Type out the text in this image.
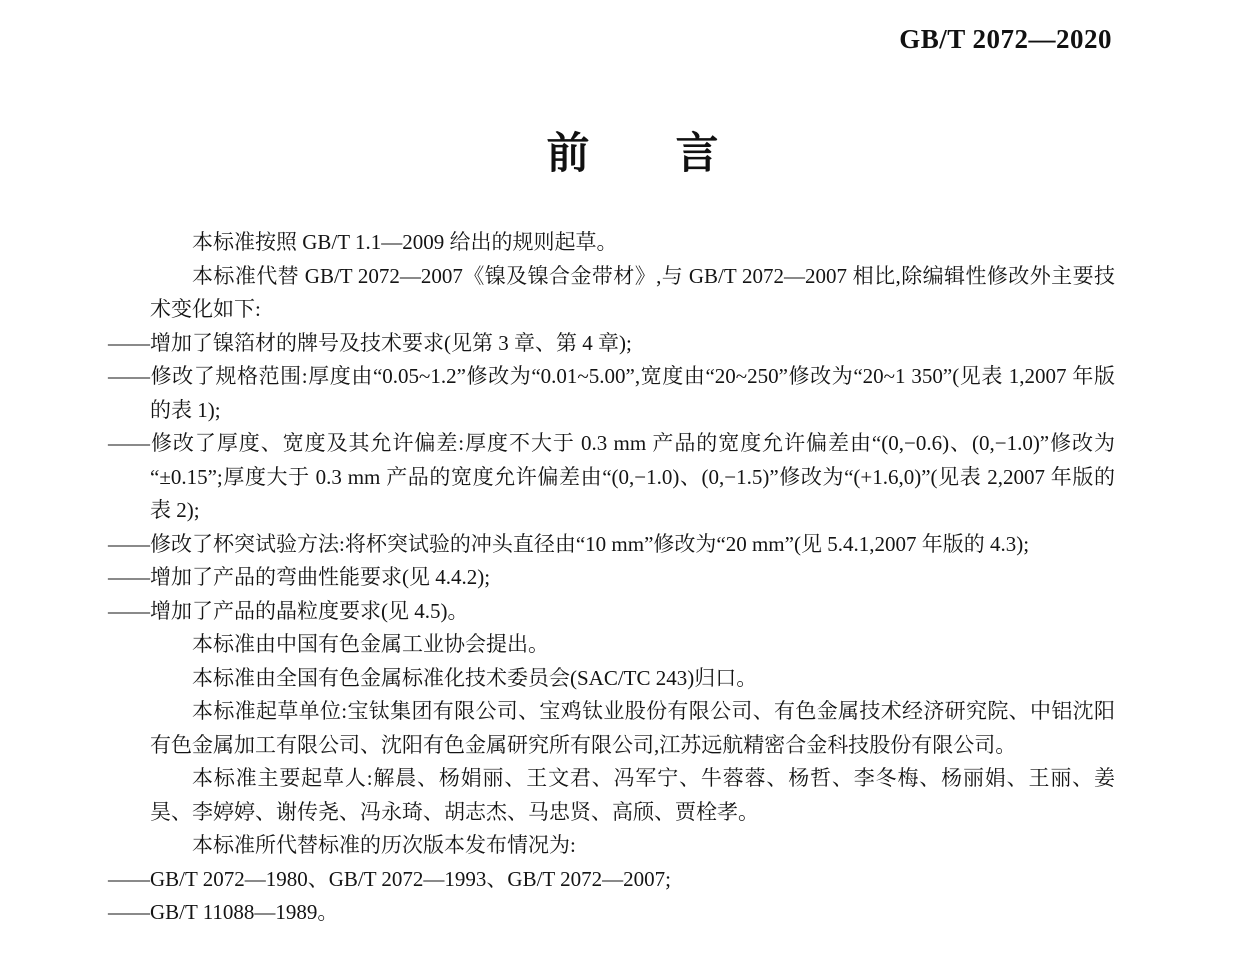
GB/T 2072—2020
前　　言

本标准按照 GB/T 1.1—2009 给出的规则起草。

本标准代替 GB/T 2072—2007《镍及镍合金带材》,与 GB/T 2072—2007 相比,除编辑性修改外主要技术变化如下:

——增加了镍箔材的牌号及技术要求(见第 3 章、第 4 章);

——修改了规格范围:厚度由“0.05~1.2”修改为“0.01~5.00”,宽度由“20~250”修改为“20~1 350”(见表 1,2007 年版的表 1);

——修改了厚度、宽度及其允许偏差:厚度不大于 0.3 mm 产品的宽度允许偏差由“(0,−0.6)、(0,−1.0)”修改为“±0.15”;厚度大于 0.3 mm 产品的宽度允许偏差由“(0,−1.0)、(0,−1.5)”修改为“(+1.6,0)”(见表 2,2007 年版的表 2);

——修改了杯突试验方法:将杯突试验的冲头直径由“10 mm”修改为“20 mm”(见 5.4.1,2007 年版的 4.3);

——增加了产品的弯曲性能要求(见 4.4.2);

——增加了产品的晶粒度要求(见 4.5)。

本标准由中国有色金属工业协会提出。

本标准由全国有色金属标准化技术委员会(SAC/TC 243)归口。

本标准起草单位:宝钛集团有限公司、宝鸡钛业股份有限公司、有色金属技术经济研究院、中铝沈阳有色金属加工有限公司、沈阳有色金属研究所有限公司,江苏远航精密合金科技股份有限公司。

本标准主要起草人:解晨、杨娟丽、王文君、冯军宁、牛蓉蓉、杨哲、李冬梅、杨丽娟、王丽、姜昊、李婷婷、谢传尧、冯永琦、胡志杰、马忠贤、高颀、贾栓孝。

本标准所代替标准的历次版本发布情况为:

——GB/T 2072—1980、GB/T 2072—1993、GB/T 2072—2007;

——GB/T 11088—1989。
